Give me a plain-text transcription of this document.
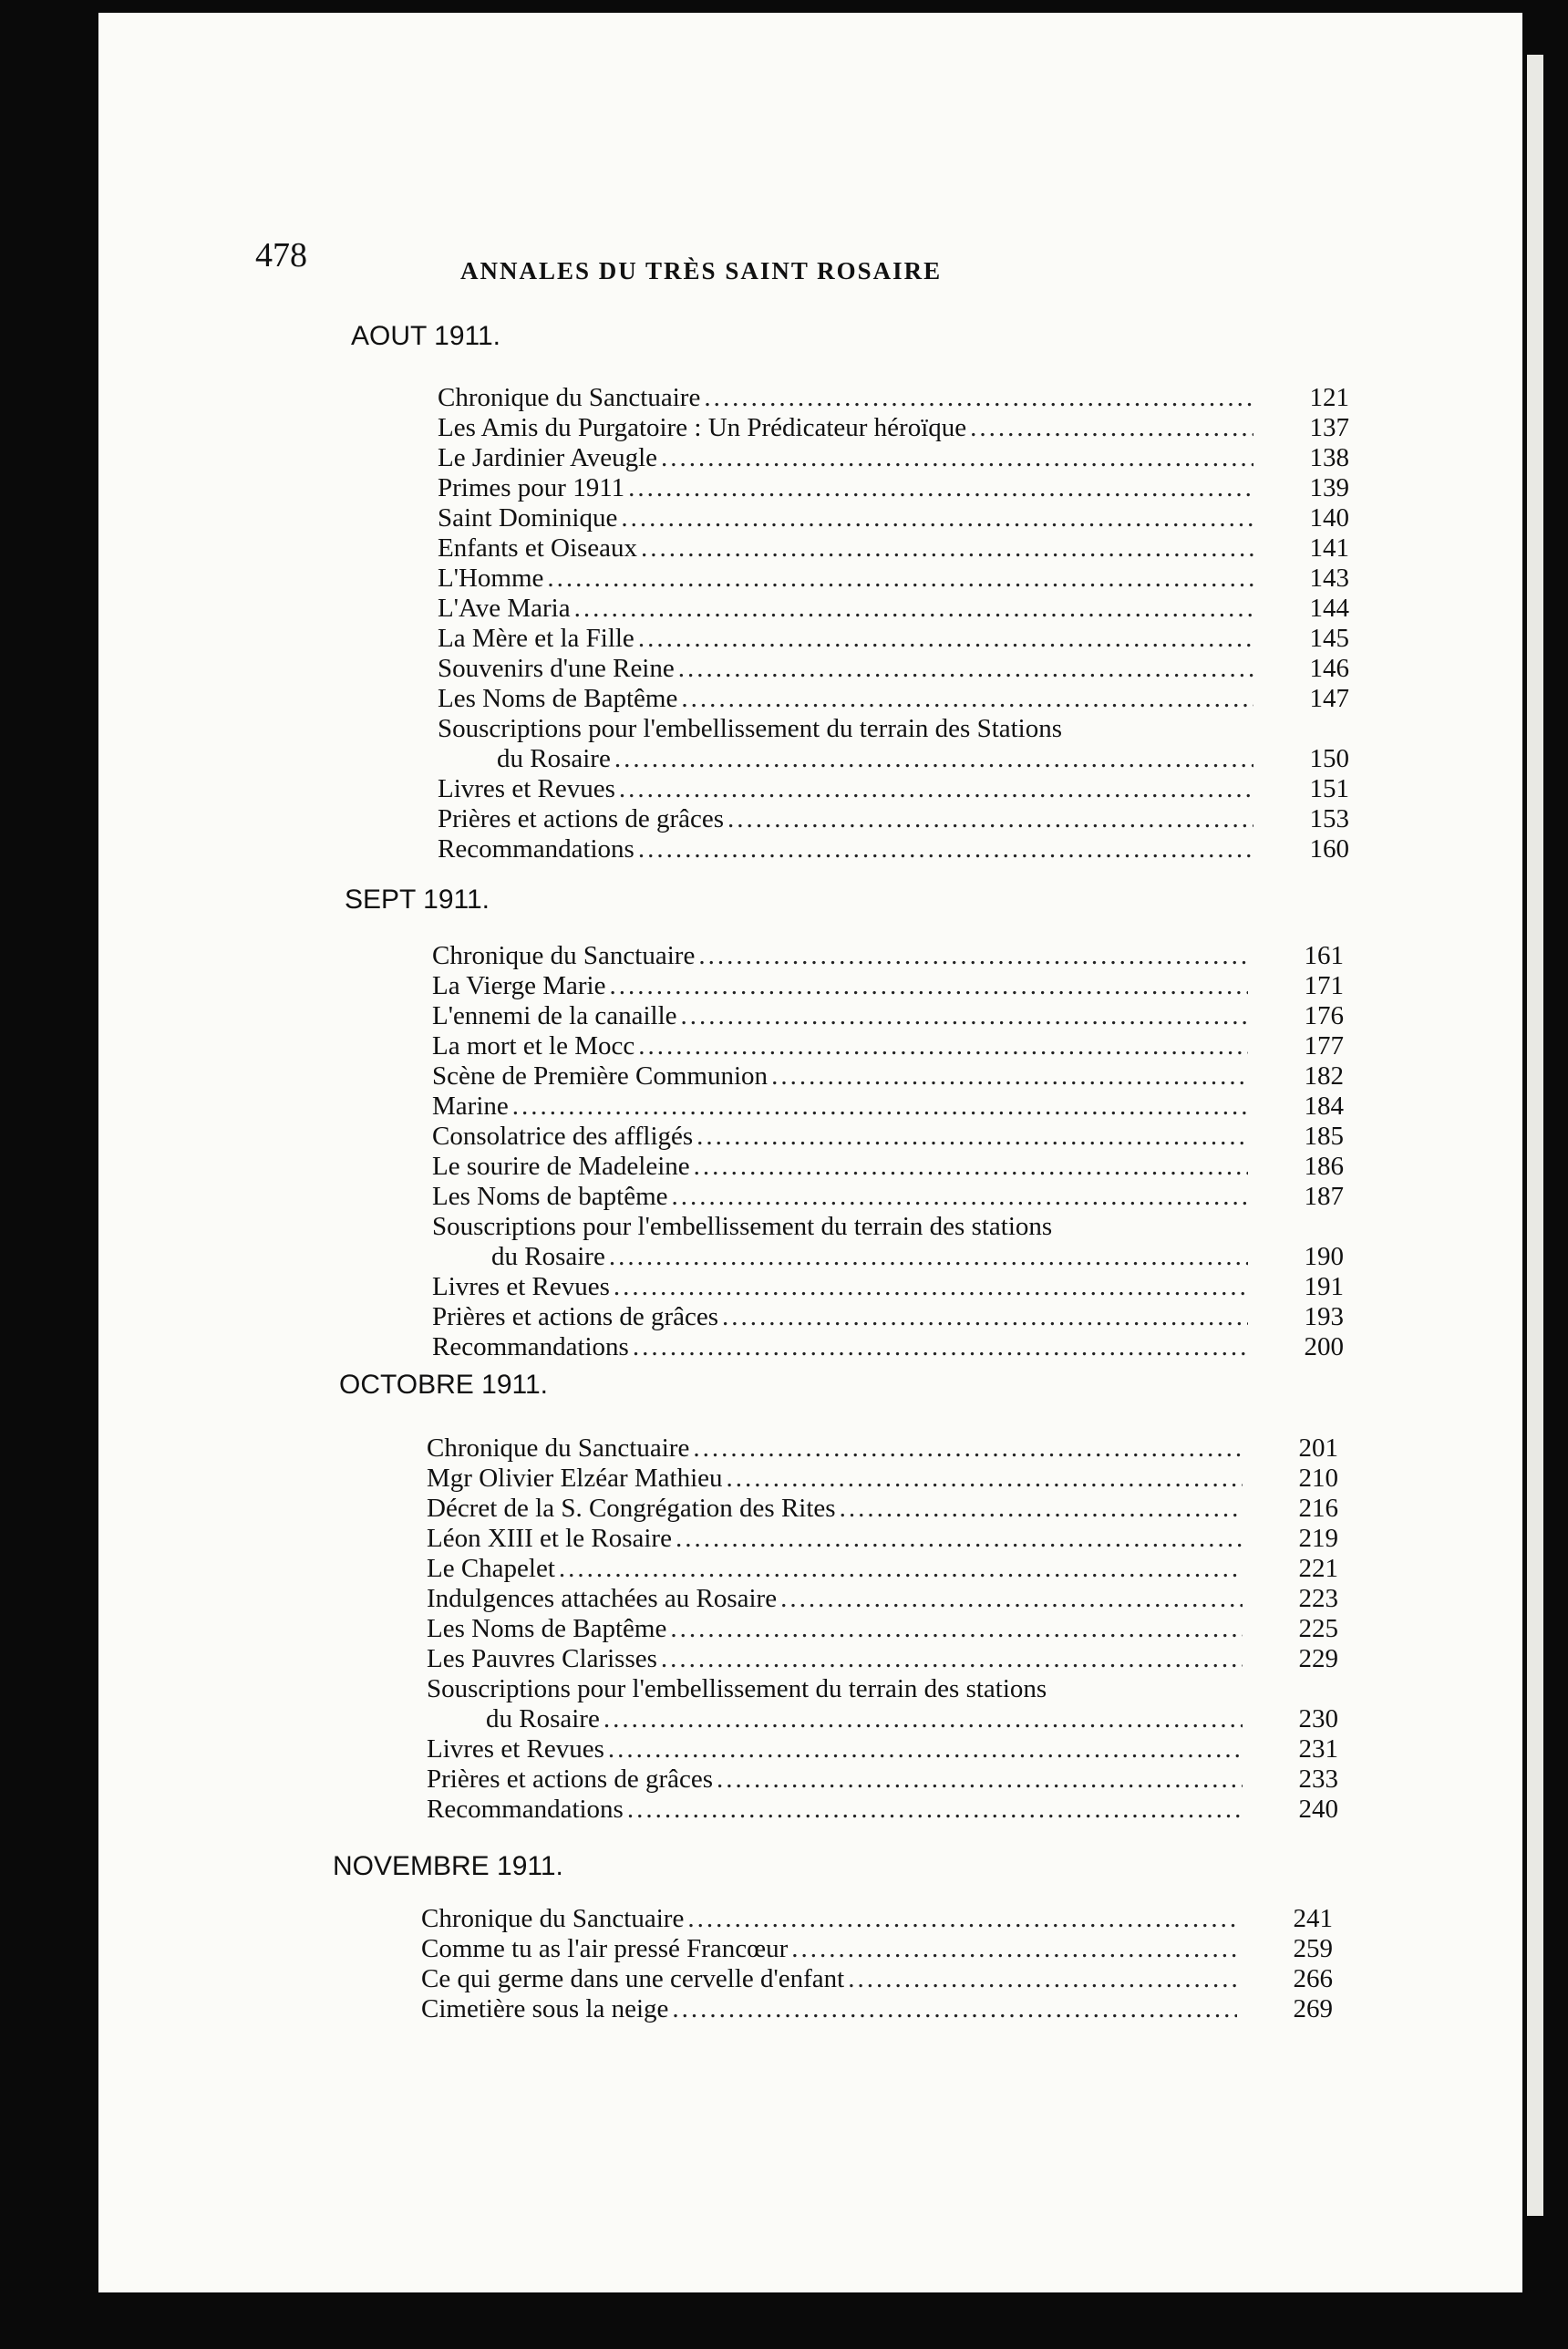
478	ANNALES DU TRÈS SAINT ROSAIRE
AOUT 1911.
Chronique du Sanctuaire .....	121
Les Amis du Purgatoire : Un Prédicateur héroïque .....	137
Le Jardinier Aveugle .....	138
Primes pour 1911 .....	139
Saint Dominique .....	140
Enfants et Oiseaux .....	141
L'Homme .....	143
L'Ave Maria .....	144
La Mère et la Fille .....	145
Souvenirs d'une Reine .....	146
Les Noms de Baptême .....	147
Souscriptions pour l'embellissement du terrain des Stations
du Rosaire .....	150
Livres et Revues .....	151
Prières et actions de grâces .....	153
Recommandations .....	160
SEPT 1911.
Chronique du Sanctuaire .....	161
La Vierge Marie .....	171
L'ennemi de la canaille .....	176
La mort et le Mocc .....	177
Scène de Première Communion .....	182
Marine .....	184
Consolatrice des affligés .....	185
Le sourire de Madeleine .....	186
Les Noms de baptême .....	187
Souscriptions pour l'embellissement du terrain des stations
du Rosaire .....	190
Livres et Revues .....	191
Prières et actions de grâces .....	193
Recommandations .....	200
OCTOBRE 1911.
Chronique du Sanctuaire .....	201
Mgr Olivier Elzéar Mathieu .....	210
Décret de la S. Congrégation des Rites .....	216
Léon XIII et le Rosaire .....	219
Le Chapelet .....	221
Indulgences attachées au Rosaire .....	223
Les Noms de Baptême .....	225
Les Pauvres Clarisses .....	229
Souscriptions pour l'embellissement du terrain des stations
du Rosaire .....	230
Livres et Revues .....	231
Prières et actions de grâces .....	233
Recommandations .....	240
NOVEMBRE 1911.
Chronique du Sanctuaire .....	241
Comme tu as l'air pressé Francœur .....	259
Ce qui germe dans une cervelle d'enfant .....	266
Cimetière sous la neige .....	269
